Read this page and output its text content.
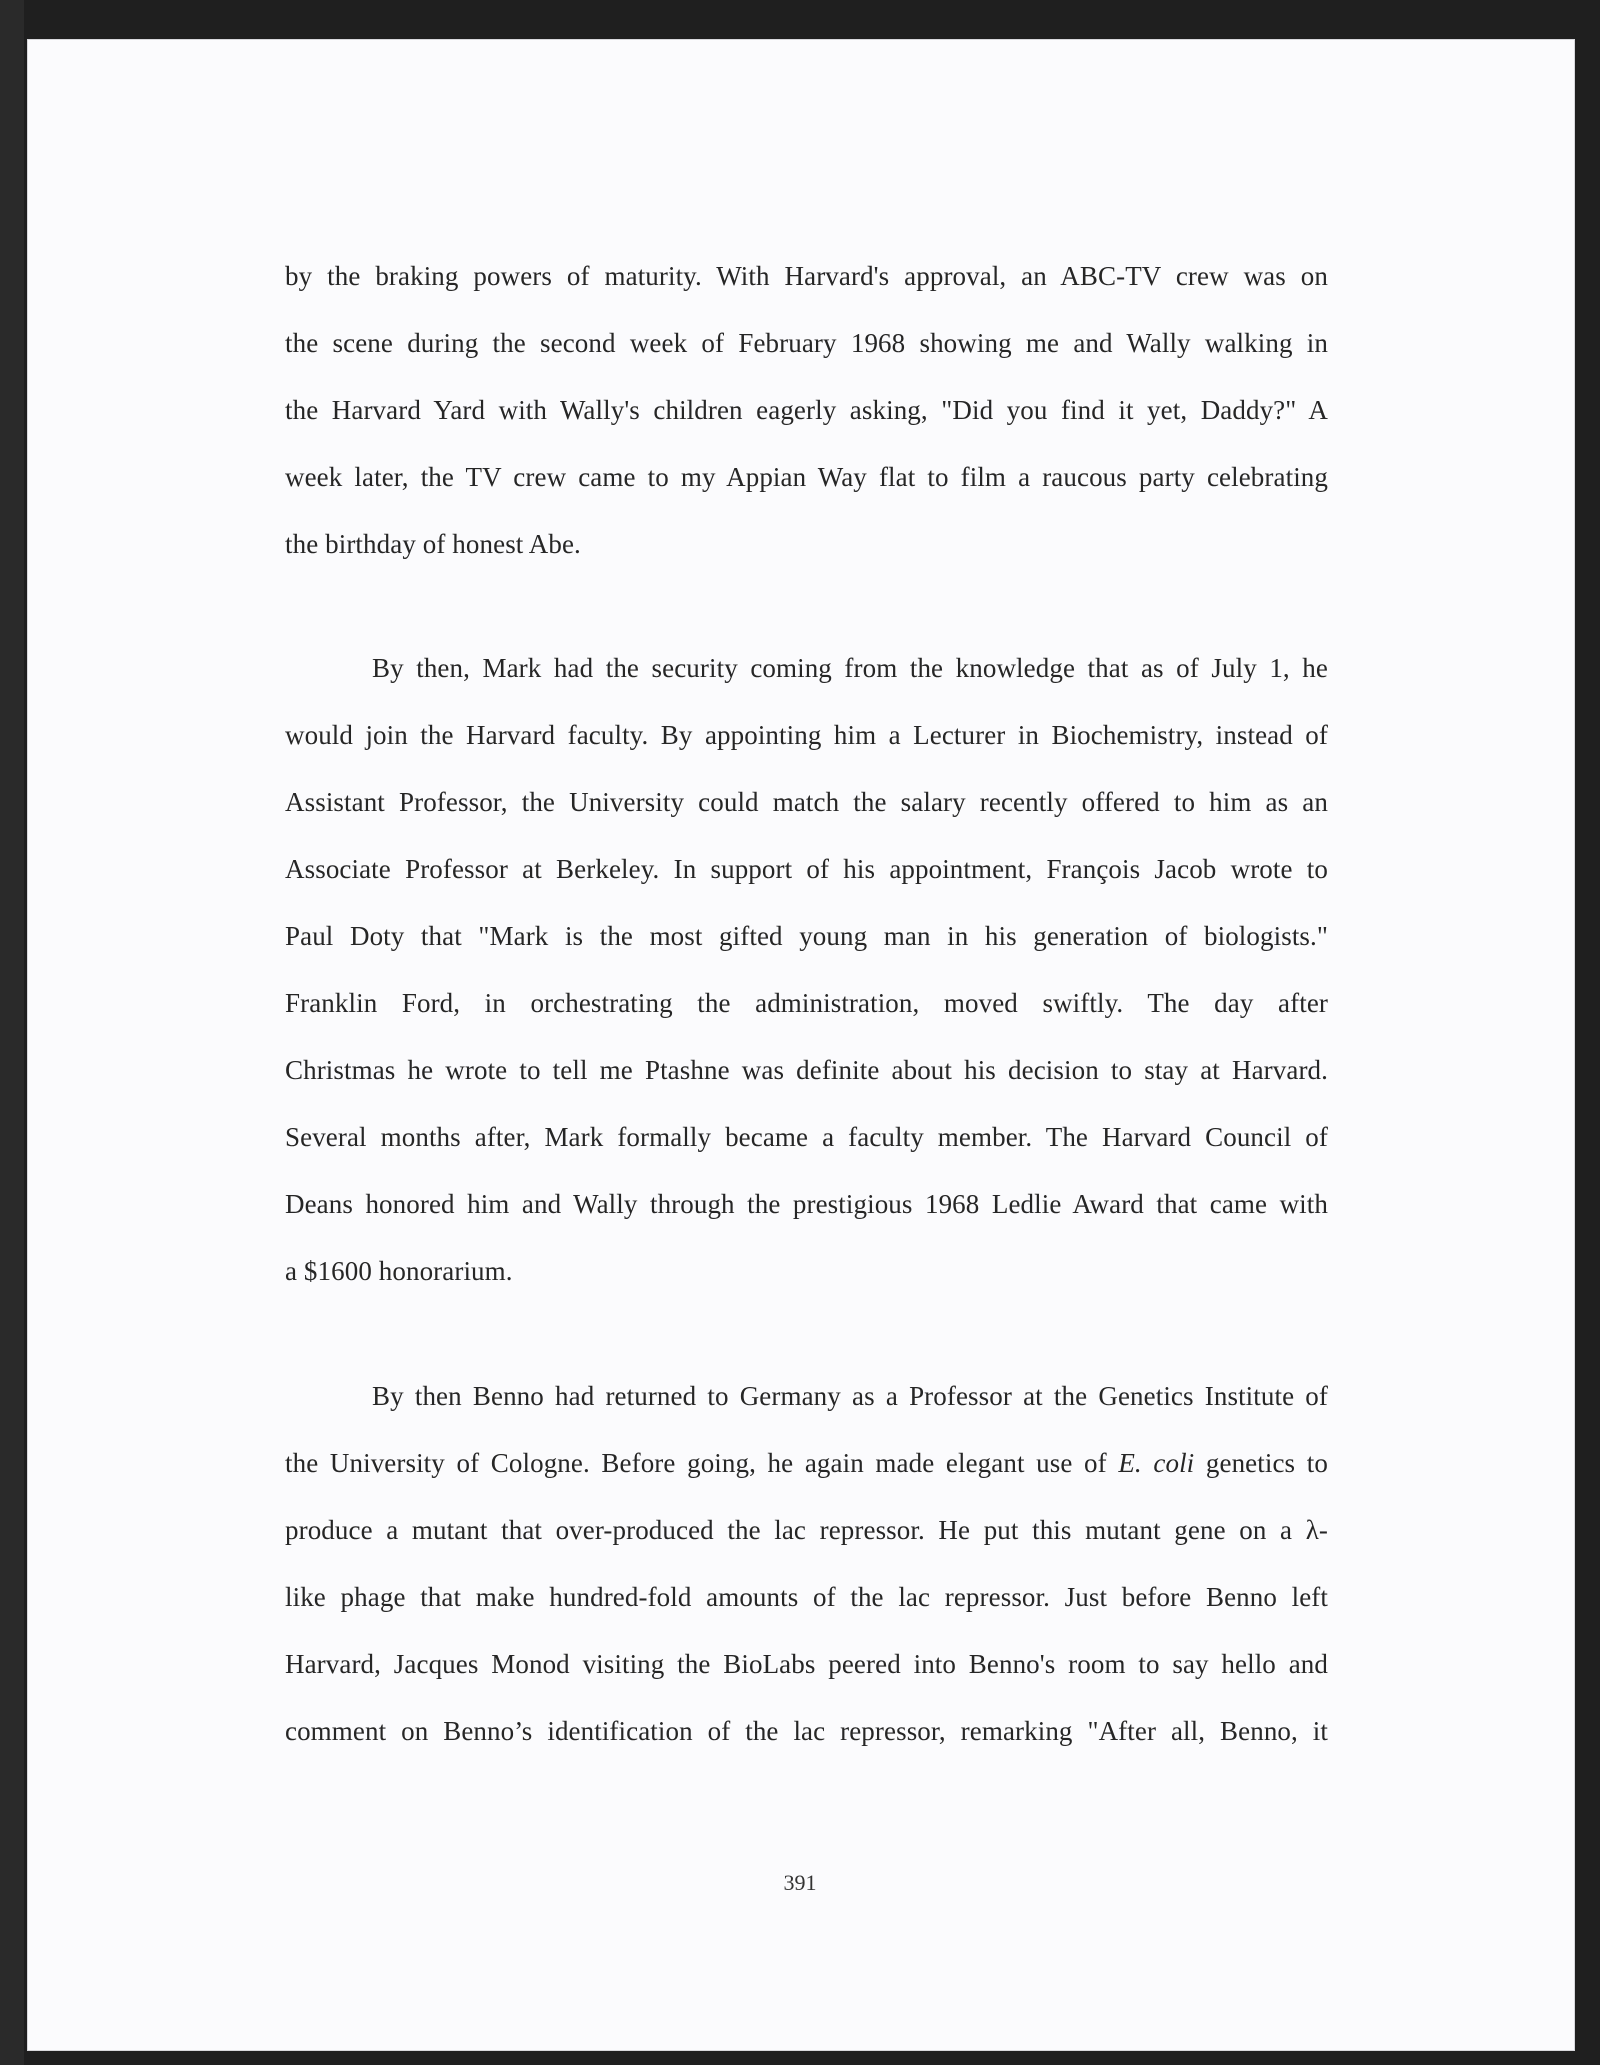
by the braking powers of maturity. With Harvard's approval, an ABC-TV crew was on
the scene during the second week of February 1968 showing me and Wally walking in
the Harvard Yard with Wally's children eagerly asking, "Did you find it yet, Daddy?" A
week later, the TV crew came to my Appian Way flat to film a raucous party celebrating
the birthday of honest Abe.
By then, Mark had the security coming from the knowledge that as of July 1, he
would join the Harvard faculty. By appointing him a Lecturer in Biochemistry, instead of
Assistant Professor, the University could match the salary recently offered to him as an
Associate Professor at Berkeley. In support of his appointment, François Jacob wrote to
Paul Doty that "Mark is the most gifted young man in his generation of biologists."
Franklin Ford, in orchestrating the administration, moved swiftly. The day after
Christmas he wrote to tell me Ptashne was definite about his decision to stay at Harvard.
Several months after, Mark formally became a faculty member. The Harvard Council of
Deans honored him and Wally through the prestigious 1968 Ledlie Award that came with
a $1600 honorarium.
By then Benno had returned to Germany as a Professor at the Genetics Institute of
the University of Cologne. Before going, he again made elegant use of E. coli genetics to
produce a mutant that over-produced the lac repressor. He put this mutant gene on a λ-
like phage that make hundred-fold amounts of the lac repressor. Just before Benno left
Harvard, Jacques Monod visiting the BioLabs peered into Benno's room to say hello and
comment on Benno’s identification of the lac repressor, remarking "After all, Benno, it
391
